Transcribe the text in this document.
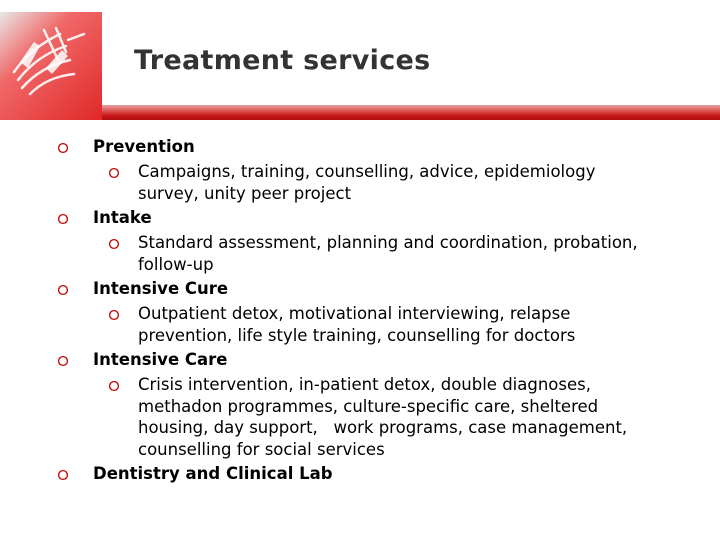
Treatment services
Prevention
Campaigns, training, counselling, advice, epidemiology survey, unity peer project
Intake
Standard assessment, planning and coordination, probation, follow-up
Intensive Cure
Outpatient detox, motivational interviewing, relapse prevention, life style training, counselling for doctors
Intensive Care
Crisis intervention, in-patient detox, double diagnoses, methadon programmes, culture-specific care, sheltered housing, day support,   work programs, case management, counselling for social services
Dentistry and Clinical Lab
